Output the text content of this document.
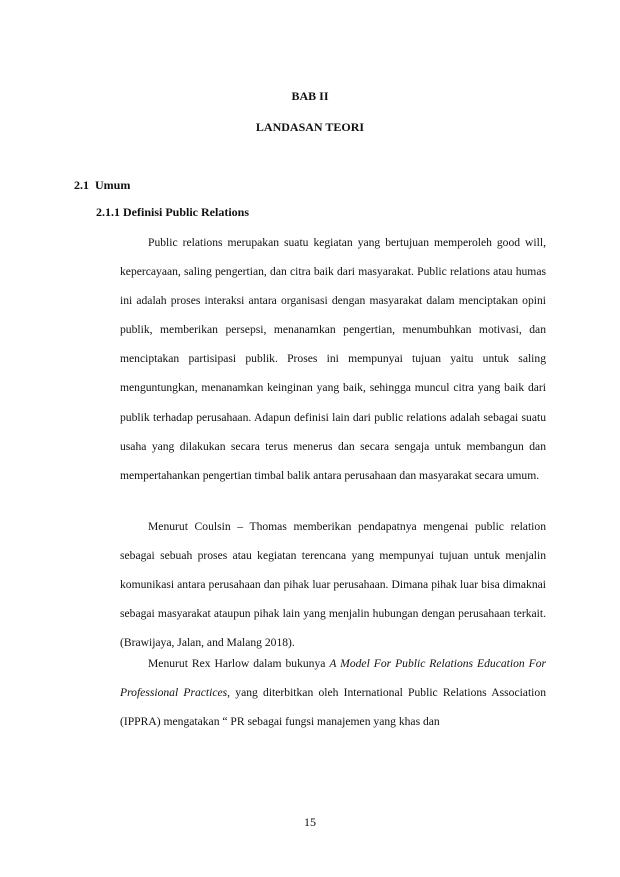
BAB II
LANDASAN TEORI
2.1  Umum
2.1.1 Definisi Public Relations

Public relations merupakan suatu kegiatan yang bertujuan memperoleh good will, kepercayaan, saling pengertian, dan citra baik dari masyarakat. Public relations atau humas ini adalah proses interaksi antara organisasi dengan masyarakat dalam menciptakan opini publik, memberikan persepsi, menanamkan pengertian, menumbuhkan motivasi, dan menciptakan partisipasi publik. Proses ini mempunyai tujuan yaitu untuk saling menguntungkan, menanamkan keinginan yang baik, sehingga muncul citra yang baik dari publik terhadap perusahaan. Adapun definisi lain dari public relations adalah sebagai suatu usaha yang dilakukan secara terus menerus dan secara sengaja untuk membangun dan mempertahankan pengertian timbal balik antara perusahaan dan masyarakat secara umum.

Menurut Coulsin – Thomas memberikan pendapatnya mengenai public relation sebagai sebuah proses atau kegiatan terencana yang mempunyai tujuan untuk menjalin komunikasi antara perusahaan dan pihak luar perusahaan. Dimana pihak luar bisa dimaknai sebagai masyarakat ataupun pihak lain yang menjalin hubungan dengan perusahaan terkait.(Brawijaya, Jalan, and Malang 2018).

Menurut Rex Harlow dalam bukunya A Model For Public Relations Education For Professional Practices, yang diterbitkan oleh International Public Relations Association (IPPRA) mengatakan “ PR sebagai fungsi manajemen yang khas dan

15
